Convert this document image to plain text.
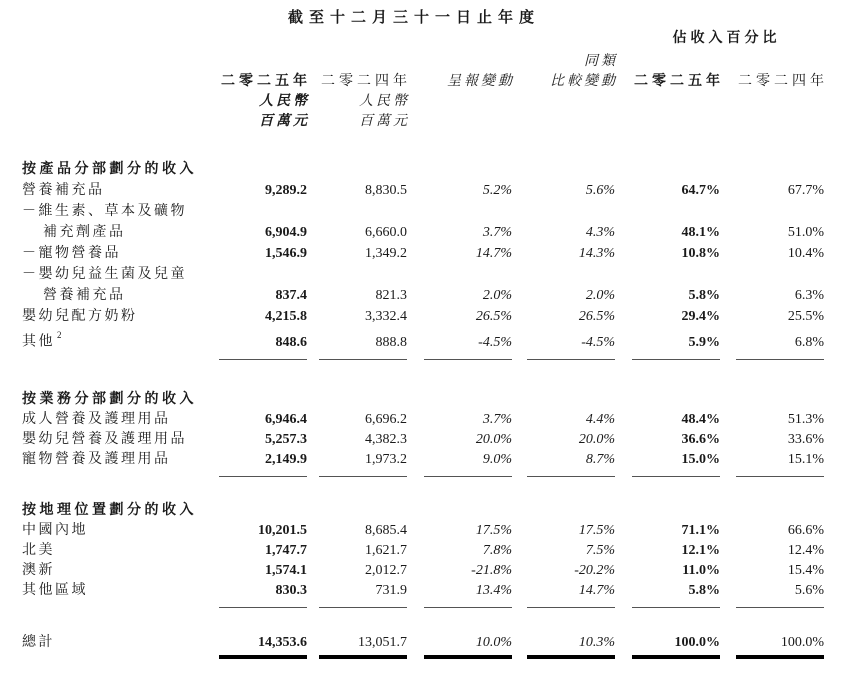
	截至十二月三十一日止年度					
					佔收入百分比	
				同類		
	二零二五年	二零二四年	呈報變動	比較變動	二零二五年	二零二四年
	人民幣	人民幣				
	百萬元	百萬元				

按產品分部劃分的收入						
營養補充品	9,289.2	8,830.5	5.2%	5.6%	64.7%	67.7%
－維生素、草本及礦物						
補充劑產品	6,904.9	6,660.0	3.7%	4.3%	48.1%	51.0%
－寵物營養品	1,546.9	1,349.2	14.7%	14.3%	10.8%	10.4%
－嬰幼兒益生菌及兒童						
營養補充品	837.4	821.3	2.0%	2.0%	5.8%	6.3%
嬰幼兒配方奶粉	4,215.8	3,332.4	26.5%	26.5%	29.4%	25.5%
其他 $^2$	848.6	888.8	-4.5%	-4.5%	5.9%	6.8%

按業務分部劃分的收入						
成人營養及護理用品	6,946.4	6,696.2	3.7%	4.4%	48.4%	51.3%
嬰幼兒營養及護理用品	5,257.3	4,382.3	20.0%	20.0%	36.6%	33.6%
寵物營養及護理用品	2,149.9	1,973.2	9.0%	8.7%	15.0%	15.1%

按地理位置劃分的收入						
中國內地	10,201.5	8,685.4	17.5%	17.5%	71.1%	66.6%
北美	1,747.7	1,621.7	7.8%	7.5%	12.1%	12.4%
澳新	1,574.1	2,012.7	-21.8%	-20.2%	11.0%	15.4%
其他區域	830.3	731.9	13.4%	14.7%	5.8%	5.6%

總計	14,353.6	13,051.7	10.0%	10.3%	100.0%	100.0%
